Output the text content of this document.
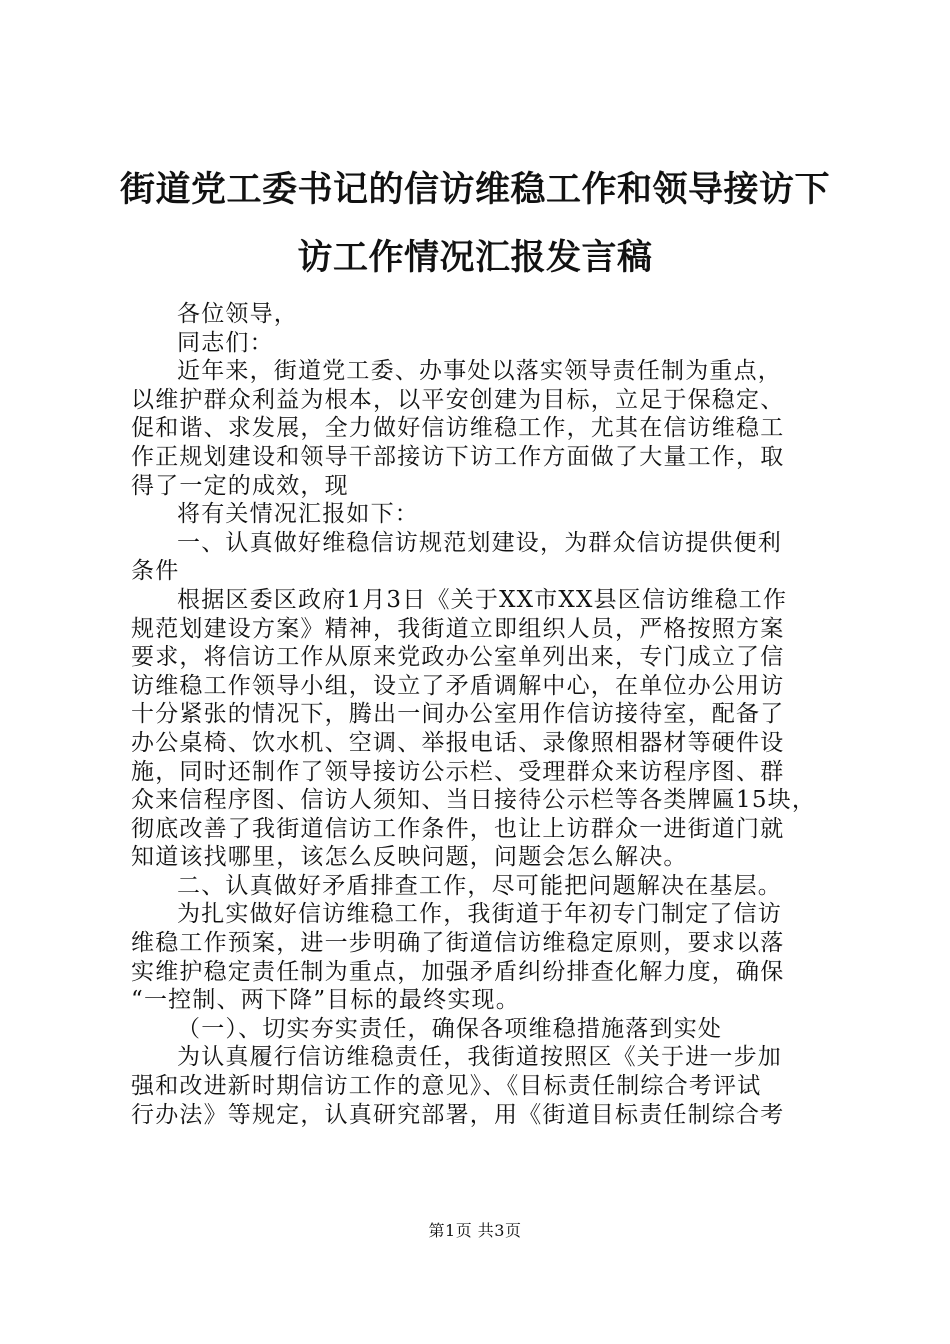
街道党工委书记的信访维稳工作和领导接访下
访工作情况汇报发言稿
各位领导，
同志们：
近年来，街道党工委、办事处以落实领导责任制为重点，
以维护群众利益为根本，以平安创建为目标，立足于保稳定、
促和谐、求发展，全力做好信访维稳工作，尤其在信访维稳工
作正规划建设和领导干部接访下访工作方面做了大量工作，取
得了一定的成效，现
将有关情况汇报如下：
一、认真做好维稳信访规范划建设，为群众信访提供便利
条件
根据区委区政府1月3日《关于XX市XX县区信访维稳工作
规范划建设方案》精神，我街道立即组织人员，严格按照方案
要求，将信访工作从原来党政办公室单列出来，专门成立了信
访维稳工作领导小组，设立了矛盾调解中心，在单位办公用访
十分紧张的情况下，腾出一间办公室用作信访接待室，配备了
办公桌椅、饮水机、空调、举报电话、录像照相器材等硬件设
施，同时还制作了领导接访公示栏、受理群众来访程序图、群
众来信程序图、信访人须知、当日接待公示栏等各类牌匾15块，
彻底改善了我街道信访工作条件，也让上访群众一进街道门就
知道该找哪里，该怎么反映问题，问题会怎么解决。
二、认真做好矛盾排查工作，尽可能把问题解决在基层。
为扎实做好信访维稳工作，我街道于年初专门制定了信访
维稳工作预案，进一步明确了街道信访维稳定原则，要求以落
实维护稳定责任制为重点，加强矛盾纠纷排查化解力度，确保
“一控制、两下降”目标的最终实现。
（一）、切实夯实责任，确保各项维稳措施落到实处
为认真履行信访维稳责任，我街道按照区《关于进一步加
强和改进新时期信访工作的意见》、《目标责任制综合考评试
行办法》等规定，认真研究部署，用《街道目标责任制综合考
第1页 共3页
